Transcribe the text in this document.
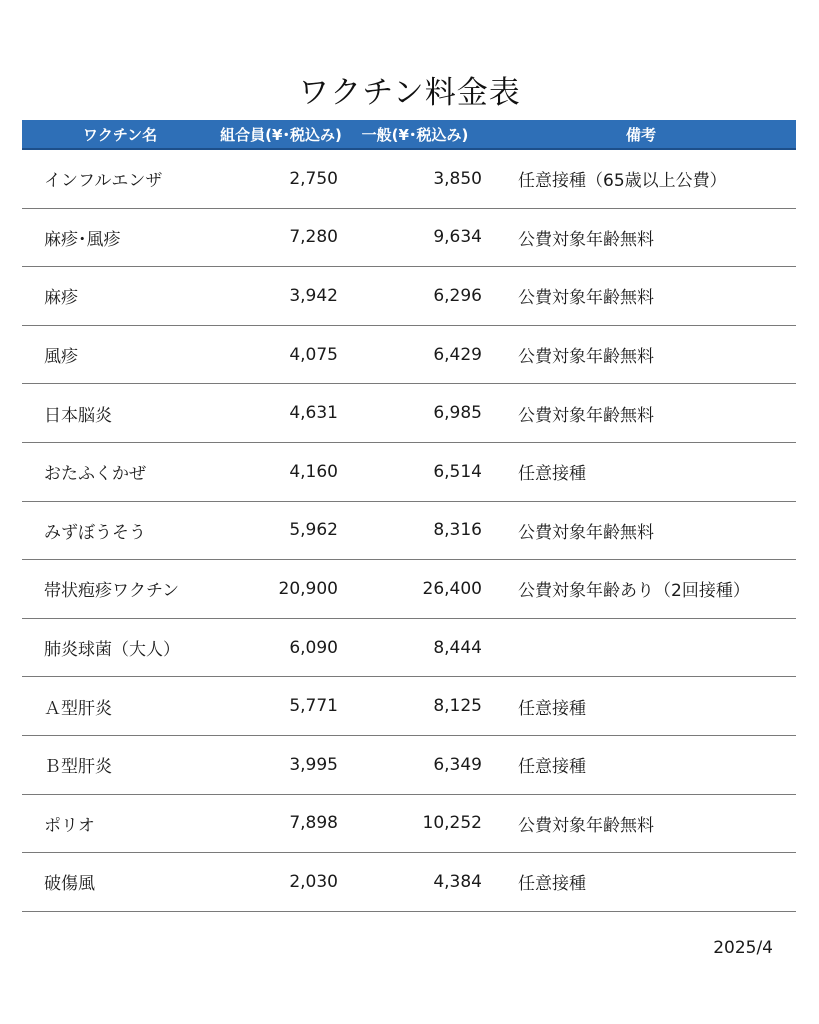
ワクチン料金表
ワクチン名	組合員(¥･税込み)	一般(¥･税込み)	備考
インフルエンザ	2,750	3,850	任意接種（65歳以上公費）
麻疹･風疹	7,280	9,634	公費対象年齢無料
麻疹	3,942	6,296	公費対象年齢無料
風疹	4,075	6,429	公費対象年齢無料
日本脳炎	4,631	6,985	公費対象年齢無料
おたふくかぜ	4,160	6,514	任意接種
みずぼうそう	5,962	8,316	公費対象年齢無料
帯状疱疹ワクチン	20,900	26,400	公費対象年齢あり（2回接種）
肺炎球菌（大人）	6,090	8,444	
Ａ型肝炎	5,771	8,125	任意接種
Ｂ型肝炎	3,995	6,349	任意接種
ポリオ	7,898	10,252	公費対象年齢無料
破傷風	2,030	4,384	任意接種
2025/4
